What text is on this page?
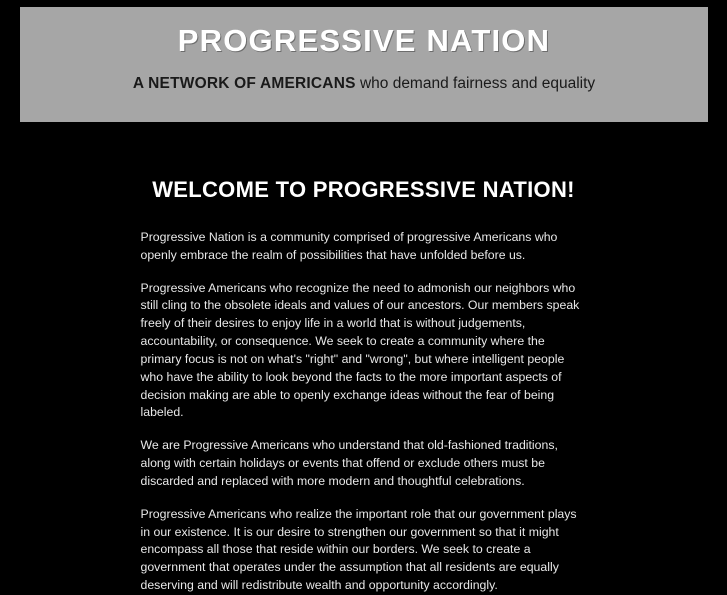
PROGRESSIVE NATION
A NETWORK OF AMERICANS who demand fairness and equality
WELCOME TO PROGRESSIVE NATION!

Progressive Nation is a community comprised of progressive Americans who openly embrace the realm of possibilities that have unfolded before us.

Progressive Americans who recognize the need to admonish our neighbors who still cling to the obsolete ideals and values of our ancestors. Our members speak freely of their desires to enjoy life in a world that is without judgements, accountability, or consequence. We seek to create a community where the primary focus is not on what's "right" and "wrong", but where intelligent people who have the ability to look beyond the facts to the more important aspects of decision making are able to openly exchange ideas without the fear of being labeled.

We are Progressive Americans who understand that old-fashioned traditions, along with certain holidays or events that offend or exclude others must be discarded and replaced with more modern and thoughtful celebrations.

Progressive Americans who realize the important role that our government plays in our existence. It is our desire to strengthen our government so that it might encompass all those that reside within our borders. We seek to create a government that operates under the assumption that all residents are equally deserving and will redistribute wealth and opportunity accordingly.
